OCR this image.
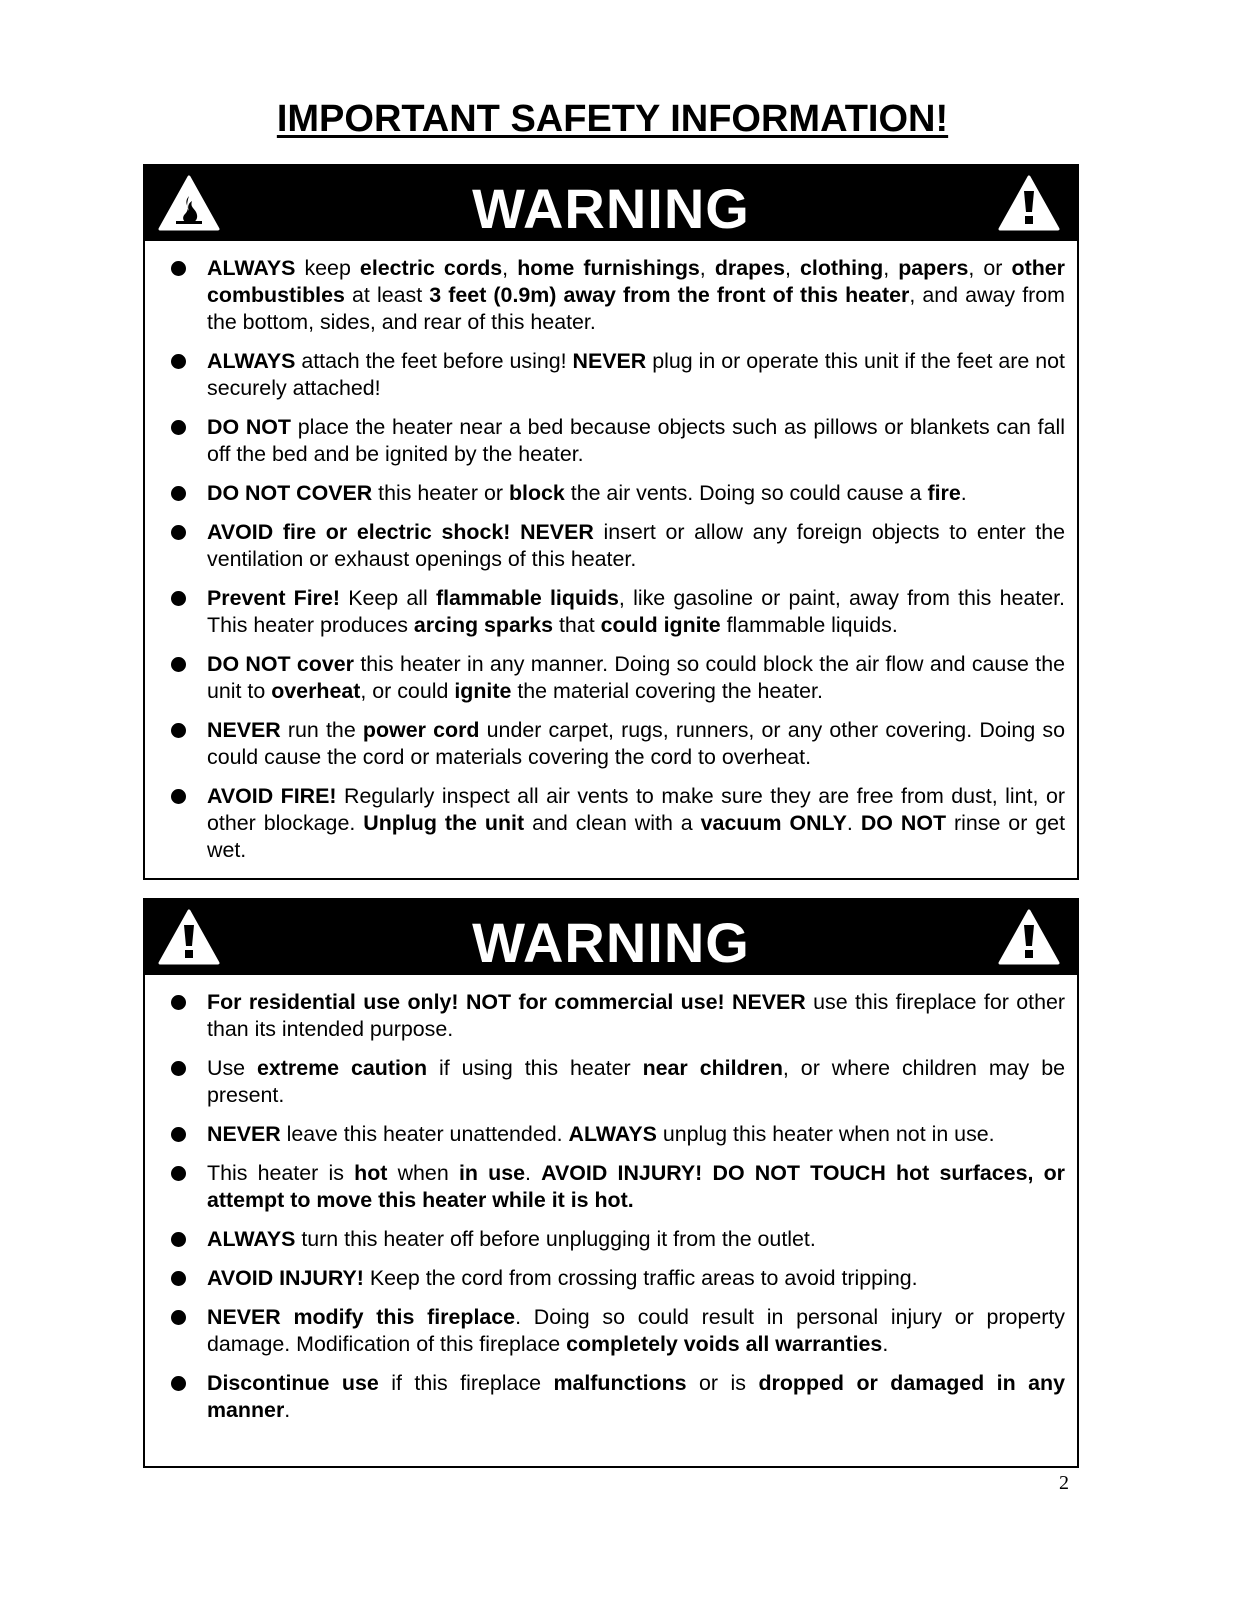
IMPORTANT SAFETY INFORMATION!
WARNING
ALWAYS keep electric cords, home furnishings, drapes, clothing, papers, or other combustibles at least 3 feet (0.9m) away from the front of this heater, and away from the bottom, sides, and rear of this heater.
ALWAYS attach the feet before using! NEVER plug in or operate this unit if the feet are not securely attached!
DO NOT place the heater near a bed because objects such as pillows or blankets can fall off the bed and be ignited by the heater.
DO NOT COVER this heater or block the air vents. Doing so could cause a fire.
AVOID fire or electric shock! NEVER insert or allow any foreign objects to enter the ventilation or exhaust openings of this heater.
Prevent Fire! Keep all flammable liquids, like gasoline or paint, away from this heater. This heater produces arcing sparks that could ignite flammable liquids.
DO NOT cover this heater in any manner. Doing so could block the air flow and cause the unit to overheat, or could ignite the material covering the heater.
NEVER run the power cord under carpet, rugs, runners, or any other covering. Doing so could cause the cord or materials covering the cord to overheat.
AVOID FIRE! Regularly inspect all air vents to make sure they are free from dust, lint, or other blockage. Unplug the unit and clean with a vacuum ONLY. DO NOT rinse or get wet.
WARNING
For residential use only! NOT for commercial use! NEVER use this fireplace for other than its intended purpose.
Use extreme caution if using this heater near children, or where children may be present.
NEVER leave this heater unattended. ALWAYS unplug this heater when not in use.
This heater is hot when in use. AVOID INJURY! DO NOT TOUCH hot surfaces, or attempt to move this heater while it is hot.
ALWAYS turn this heater off before unplugging it from the outlet.
AVOID INJURY! Keep the cord from crossing traffic areas to avoid tripping.
NEVER modify this fireplace. Doing so could result in personal injury or property damage. Modification of this fireplace completely voids all warranties.
Discontinue use if this fireplace malfunctions or is dropped or damaged in any manner.
2
